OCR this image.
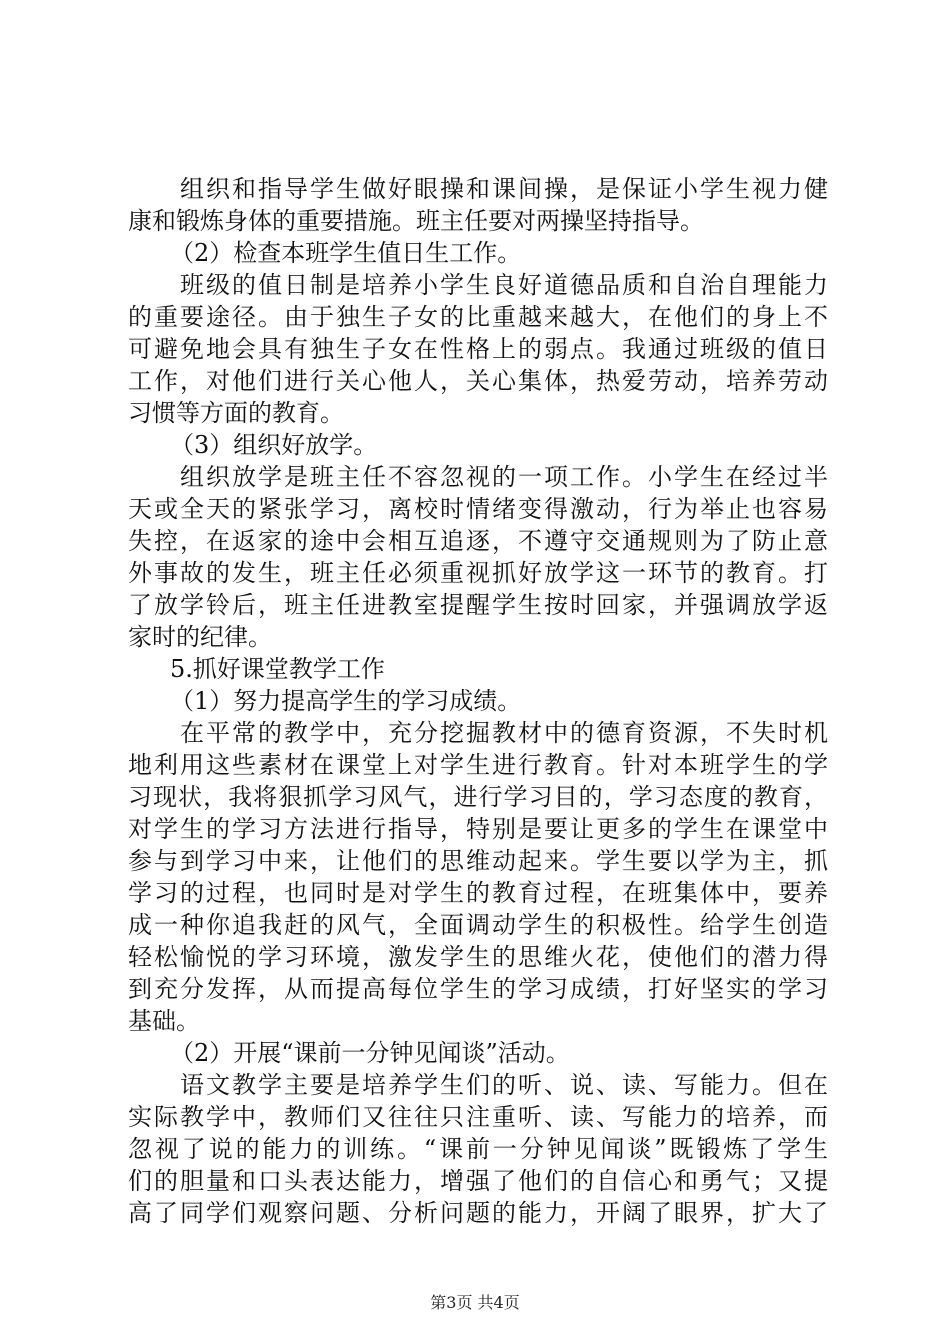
组织和指导学生做好眼操和课间操，是保证小学生视力健
康和锻炼身体的重要措施。班主任要对两操坚持指导。
（2）检查本班学生值日生工作。
班级的值日制是培养小学生良好道德品质和自治自理能力
的重要途径。由于独生子女的比重越来越大，在他们的身上不
可避免地会具有独生子女在性格上的弱点。我通过班级的值日
工作，对他们进行关心他人，关心集体，热爱劳动，培养劳动
习惯等方面的教育。
（3）组织好放学。
组织放学是班主任不容忽视的一项工作。小学生在经过半
天或全天的紧张学习，离校时情绪变得激动，行为举止也容易
失控，在返家的途中会相互追逐，不遵守交通规则为了防止意
外事故的发生，班主任必须重视抓好放学这一环节的教育。打
了放学铃后，班主任进教室提醒学生按时回家，并强调放学返
家时的纪律。
5.抓好课堂教学工作
（1）努力提高学生的学习成绩。
在平常的教学中，充分挖掘教材中的德育资源，不失时机
地利用这些素材在课堂上对学生进行教育。针对本班学生的学
习现状，我将狠抓学习风气，进行学习目的，学习态度的教育，
对学生的学习方法进行指导，特别是要让更多的学生在课堂中
参与到学习中来，让他们的思维动起来。学生要以学为主，抓
学习的过程，也同时是对学生的教育过程，在班集体中，要养
成一种你追我赶的风气，全面调动学生的积极性。给学生创造
轻松愉悦的学习环境，激发学生的思维火花，使他们的潜力得
到充分发挥，从而提高每位学生的学习成绩，打好坚实的学习
基础。
（2）开展“课前一分钟见闻谈”活动。
语文教学主要是培养学生们的听、说、读、写能力。但在
实际教学中，教师们又往往只注重听、读、写能力的培养，而
忽视了说的能力的训练。“课前一分钟见闻谈”既锻炼了学生
们的胆量和口头表达能力，增强了他们的自信心和勇气；又提
高了同学们观察问题、分析问题的能力，开阔了眼界，扩大了
第3页 共4页
